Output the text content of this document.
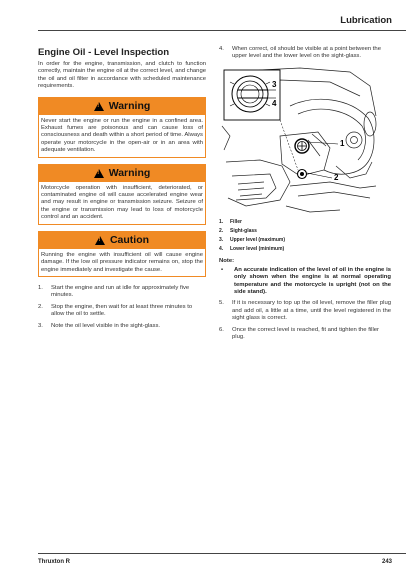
Lubrication
Engine Oil - Level Inspection

In order for the engine, transmission, and clutch to function correctly, maintain the engine oil at the correct level, and change the oil and oil filter in accordance with scheduled maintenance requirements.

! Warning
Never start the engine or run the engine in a confined area. Exhaust fumes are poisonous and can cause loss of consciousness and death within a short period of time. Always operate your motorcycle in the open-air or in an area with adequate ventilation.
! Warning
Motorcycle operation with insufficient, deteriorated, or contaminated engine oil will cause accelerated engine wear and may result in engine or transmission seizure. Seizure of the engine or transmission may lead to loss of motorcycle control and an accident.
! Caution
Running the engine with insufficient oil will cause engine damage. If the low oil pressure indicator remains on, stop the engine immediately and investigate the cause.
1.	Start the engine and run at idle for approximately five minutes.
2.	Stop the engine, then wait for at least three minutes to allow the oil to settle.
3.	Note the oil level visible in the sight-glass.
4.	When correct, oil should be visible at a point between the upper level and the lower level on the sight-glass.
3
4
1
2
1.	Filler
2.	Sight-glass
3.	Upper level (maximum)
4.	Lower level (minimum)
Note:
•	An accurate indication of the level of oil in the engine is only shown when the engine is at normal operating temperature and the motorcycle is upright (not on the side stand).
5.	If it is necessary to top up the oil level, remove the filler plug and add oil, a little at a time, until the level registered in the sight glass is correct.
6.	Once the correct level is reached, fit and tighten the filler plug.
Thruxton R	243
